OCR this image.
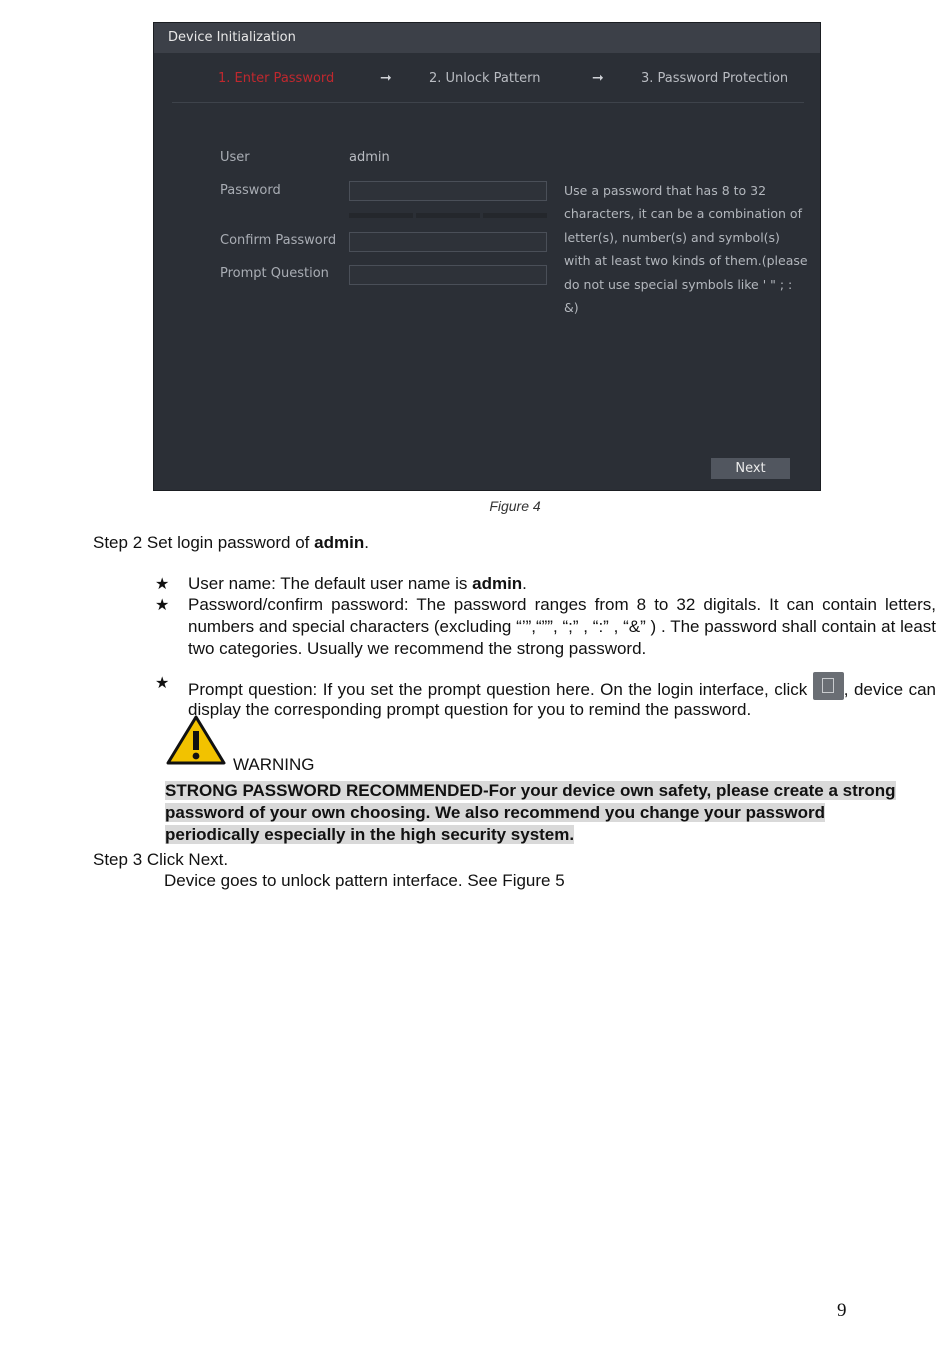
Device Initialization
1. Enter Password	➞	2. Unlock Pattern	➞	3. Password Protection
User	admin
Password
Confirm Password
Prompt Question
Use a password that has 8 to 32 characters, it can be a combination of letter(s), number(s) and symbol(s) with at least two kinds of them.(please do not use special symbols like ' " ; : &)
Next
Figure 4
Step 2 Set login password of admin.
★ User name: The default user name is admin.
★ Password/confirm password: The password ranges from 8 to 32 digitals. It can contain letters, numbers and special characters (excluding “’”,“””, “;” , “:” , “&” ) . The password shall contain at least two categories. Usually we recommend the strong password.
★ Prompt question: If you set the prompt question here. On the login interface, click , device can display the corresponding prompt question for you to remind the password.
WARNING
STRONG PASSWORD RECOMMENDED-For your device own safety, please create a strong
password of your own choosing. We also recommend you change your password
periodically especially in the high security system.
Step 3 Click Next.
Device goes to unlock pattern interface. See Figure 5
9
